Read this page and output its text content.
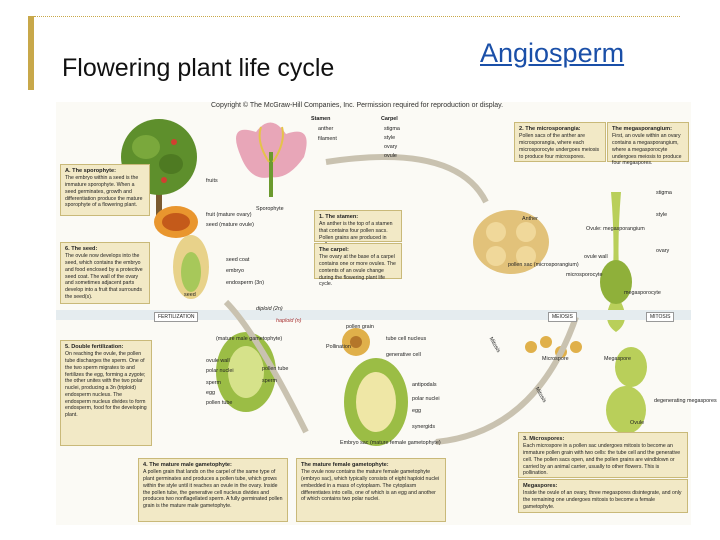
Flowering plant life cycle	Angiosperm
Copyright © The McGraw-Hill Companies, Inc. Permission required for reproduction or display.
A. The sporophyte:
The embryo within a seed is the immature sporophyte. When a seed germinates, growth and differentiation produce the mature sporophyte of a flowering plant.
6. The seed:
The ovule now develops into the seed, which contains the embryo and food enclosed by a protective seed coat. The wall of the ovary and sometimes adjacent parts develop into a fruit that surrounds the seed(s).
5. Double fertilization:
On reaching the ovule, the pollen tube discharges the sperm. One of the two sperm migrates to and fertilizes the egg, forming a zygote; the other unites with the two polar nuclei, producing a 3n (triploid) endosperm nucleus. The endosperm nucleus divides to form endosperm, food for the developing plant.
4. The mature male gametophyte:
A pollen grain that lands on the carpel of the same type of plant germinates and produces a pollen tube, which grows within the style until it reaches an ovule in the ovary. Inside the pollen tube, the generative cell nucleus divides and produces two nonflagellated sperm. A fully germinated pollen grain is the mature male gametophyte.
The mature female gametophyte:
The ovule now contains the mature female gametophyte (embryo sac), which typically consists of eight haploid nuclei embedded in a mass of cytoplasm. The cytoplasm differentiates into cells, one of which is an egg and another of which contains two polar nuclei.
1. The stamen:
An anther is the top of a stamen that contains four pollen sacs. Pollen grains are produced in
The carpel:
The ovary at the base of a carpel contains one or more ovules. The contents of an ovule change during the flowering plant life cycle.
2. The microsporangia:
Pollen sacs of the anther are microsporangia, where each microsporocyte undergoes meiosis to produce four microspores.
The megasporangium:
First, an ovule within an ovary contains a megasporangium, where a megasporocyte undergoes meiosis to produce four megaspores.
3. Microspores:
Each microspore in a pollen sac undergoes mitosis to become an immature pollen grain with two cells: the tube cell and the generative cell. The pollen sacs open, and the pollen grains are windblown or carried by an animal carrier, usually to other flowers. This is pollination.
Megaspores:
Inside the ovule of an ovary, three megaspores disintegrate, and only the remaining one undergoes mitosis to become a female gametophyte.
Stamen
anther
filament
Carpel
stigma
style
ovary
ovule
fruits
Sporophyte
fruit (mature ovary)
seed (mature ovule)
seed coat
embryo
endosperm (3n)
seed
diploid (2n)
haploid (n)
FERTILIZATION	MEIOSIS	MITOSIS
pollen grain
tube cell nucleus
generative cell
Pollination
(mature male gametophyte)
ovule wall
polar nuclei
sperm
egg
pollen tube
pollen tube
sperm
antipodals
polar nuclei
egg
synergids
Embryo sac (mature female gametophyte)
Anther
pollen sac (microsporangium)
microsporocyte
Ovule: megasporangium
ovary
ovule wall
megasporocyte
stigma
style
Microspore	Megaspore
degenerating megaspores
Ovule
Mitosis
Mitosis
